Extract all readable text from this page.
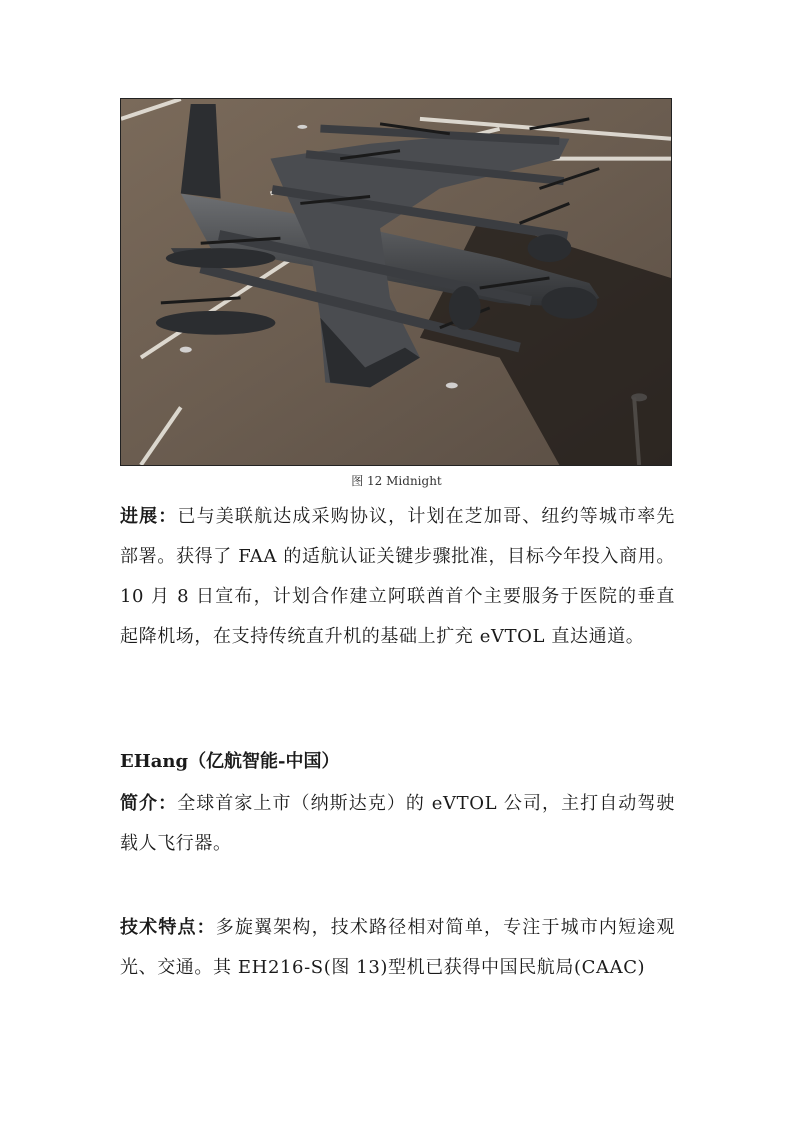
图 12 Midnight

进展：已与美联航达成采购协议，计划在芝加哥、纽约等城市率先部署。获得了 FAA 的适航认证关键步骤批准，目标今年投入商用。10 月 8 日宣布，计划合作建立阿联酋首个主要服务于医院的垂直起降机场，在支持传统直升机的基础上扩充 eVTOL 直达通道。

EHang（亿航智能-中国）

简介：全球首家上市（纳斯达克）的 eVTOL 公司，主打自动驾驶载人飞行器。

技术特点：多旋翼架构，技术路径相对简单，专注于城市内短途观光、交通。其 EH216-S(图 13)型机已获得中国民航局(CAAC)
